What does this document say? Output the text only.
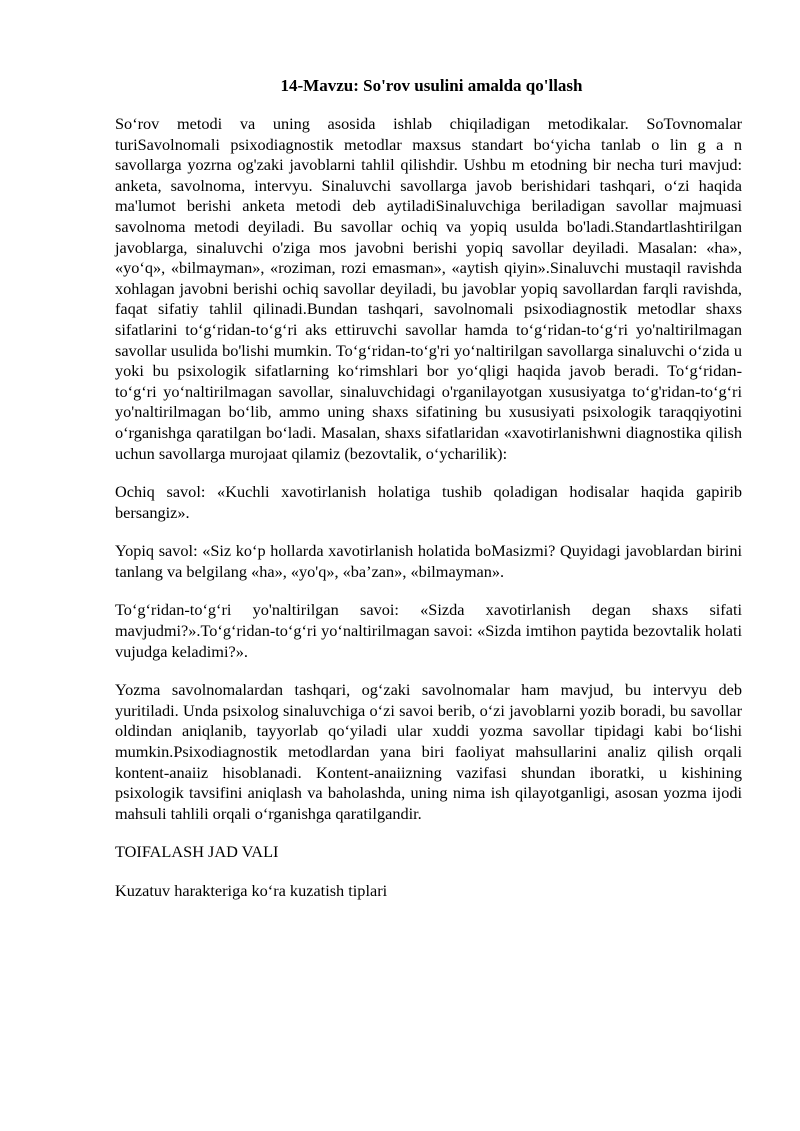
14-Mavzu: So'rov usulini amalda qo'llash

So‘rov metodi va uning asosida ishlab chiqiladigan metodikalar. SoTovnomalar turiSavolnomali psixodiagnostik metodlar maxsus standart bo‘yicha tanlab o lin g a n savollarga yozrna og'zaki javoblarni tahlil qilishdir. Ushbu m etodning bir necha turi mavjud: anketa, savolnoma, intervyu. Sinaluvchi savollarga javob berishidari tashqari, o‘zi haqida ma'lumot berishi anketa metodi deb aytiladiSinaluvchiga beriladigan savollar majmuasi savolnoma metodi deyiladi. Bu savollar ochiq va yopiq usulda bo'ladi.Standartlashtirilgan javoblarga, sinaluvchi o'ziga mos javobni berishi yopiq savollar deyiladi. Masalan: «ha», «yo‘q», «bilmayman», «roziman, rozi emasman», «aytish qiyin».Sinaluvchi mustaqil ravishda xohlagan javobni berishi ochiq savollar deyiladi, bu javoblar yopiq savollardan farqli ravishda, faqat sifatiy tahlil qilinadi.Bundan tashqari, savolnomali psixodiagnostik metodlar shaxs sifatlarini to‘g‘ridan-to‘g‘ri aks ettiruvchi savollar hamda to‘g‘ridan-to‘g‘ri yo'naltirilmagan savollar usulida bo'lishi mumkin. To‘g‘ridan-to‘g'ri yo‘naltirilgan savollarga sinaluvchi o‘zida u yoki bu psixologik sifatlarning ko‘rimshlari bor yo‘qligi haqida javob beradi. To‘g‘ridan- to‘g‘ri yo‘naltirilmagan savollar, sinaluvchidagi o'rganilayotgan xususiyatga to‘g'ridan-to‘g‘ri yo'naltirilmagan bo‘lib, ammo uning shaxs sifatining bu xususiyati psixologik taraqqiyotini o‘rganishga qaratilgan bo‘ladi. Masalan, shaxs sifatlaridan «xavotirlanishwni diagnostika qilish uchun savollarga murojaat qilamiz (bezovtalik, o‘ycharilik):

Ochiq savol: «Kuchli xavotirlanish holatiga tushib qoladigan hodisalar haqida gapirib bersangiz».

Yopiq savol: «Siz ko‘p hollarda xavotirlanish holatida boMasizmi? Quyidagi javoblardan birini tanlang va belgilang «ha», «yo'q», «ba’zan», «bilmayman».

To‘g‘ridan-to‘g‘ri yo'naltirilgan savoi: «Sizda xavotirlanish degan shaxs sifati mavjudmi?».To‘g‘ridan-to‘g‘ri yo‘naltirilmagan savoi: «Sizda imtihon paytida bezovtalik holati vujudga keladimi?».

Yozma savolnomalardan tashqari, og‘zaki savolnomalar ham mavjud, bu intervyu deb yuritiladi. Unda psixolog sinaluvchiga o‘zi savoi berib, o‘zi javoblarni yozib boradi, bu savollar oldindan aniqlanib, tayyorlab qo‘yiladi ular xuddi yozma savollar tipidagi kabi bo‘lishi mumkin.Psixodiagnostik metodlardan yana biri faoliyat mahsullarini analiz qilish orqali kontent-anaiiz hisoblanadi. Kontent-anaiizning vazifasi shundan iboratki, u kishining psixologik tavsifini aniqlash va baholashda, uning nima ish qilayotganligi, asosan yozma ijodi mahsuli tahlili orqali o‘rganishga qaratilgandir.

TOIFALASH JAD VALI
Kuzatuv harakteriga ko‘ra kuzatish tiplari
